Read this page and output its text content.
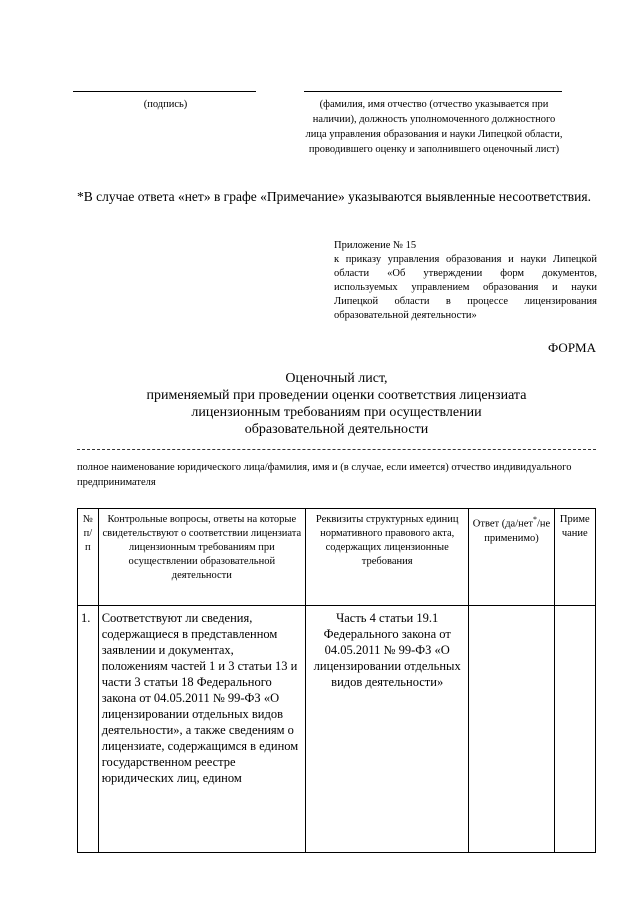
(подпись)	(фамилия, имя отчество (отчество указывается при наличии), должность уполномоченного должностного лица управления образования и науки Липецкой области, проводившего оценку и заполнившего оценочный лист)
*В случае ответа «нет» в графе «Примечание» указываются выявленные несоответствия.
Приложение № 15
к приказу управления образования и науки Липецкой области «Об утверждении форм документов, используемых управлением образования и науки Липецкой области в процессе лицензирования образовательной деятельности»
ФОРМА
Оценочный лист,
применяемый при проведении оценки соответствия лицензиата
лицензионным требованиям при осуществлении
образовательной деятельности
полное наименование юридического лица/фамилия, имя и (в случае, если имеется) отчество индивидуального предпринимателя
№ п/п	Контрольные вопросы, ответы на которые свидетельствуют о соответствии лицензиата лицензионным требованиям при осуществлении образовательной деятельности	Реквизиты структурных единиц нормативного правового акта, содержащих лицензионные требования	Ответ (да/нет*/не применимо)	Приме чание
1.	Соответствуют ли сведения, содержащиеся в представленном заявлении и документах, положениям частей 1 и 3 статьи 13 и части 3 статьи 18 Федерального закона от 04.05.2011 № 99-ФЗ «О лицензировании отдельных видов деятельности», а также сведениям о лицензиате, содержащимся в едином государственном реестре юридических лиц, едином	Часть 4 статьи 19.1 Федерального закона от 04.05.2011 № 99-ФЗ «О лицензировании отдельных видов деятельности»		
